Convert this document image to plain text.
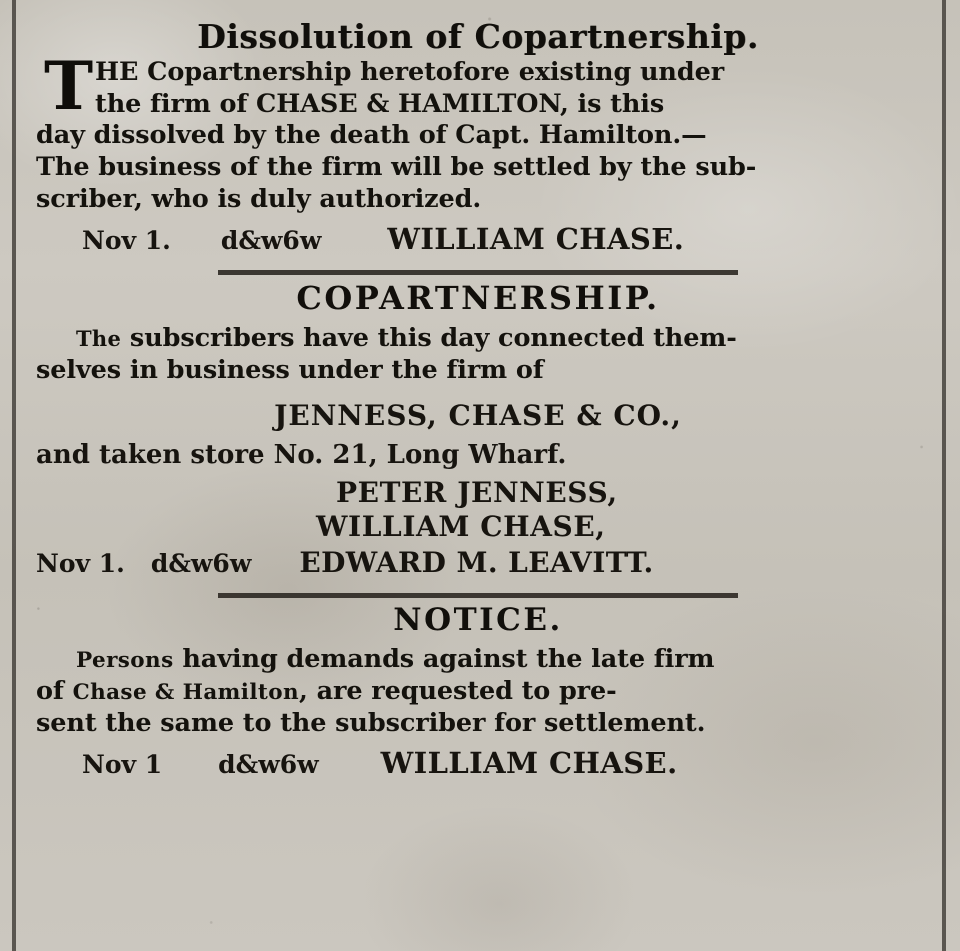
Dissolution of Copartnership.
T HE Copartnership heretofore existing under
the firm of CHASE & HAMILTON, is this
day dissolved by the death of Capt. Hamilton.—
The business of the firm will be settled by the sub-
scriber, who is duly authorized.
Nov 1. d&w6w WILLIAM CHASE.
COPARTNERSHIP.
The subscribers have this day connected them-
selves in business under the firm of
JENNESS, CHASE & CO.,
and taken store No. 21, Long Wharf.
PETER JENNESS,
WILLIAM CHASE,
Nov 1. d&w6w EDWARD M. LEAVITT.
NOTICE.
Persons having demands against the late firm
of Chase & Hamilton, are requested to pre-
sent the same to the subscriber for settlement.
Nov 1 d&w6w WILLIAM CHASE.
